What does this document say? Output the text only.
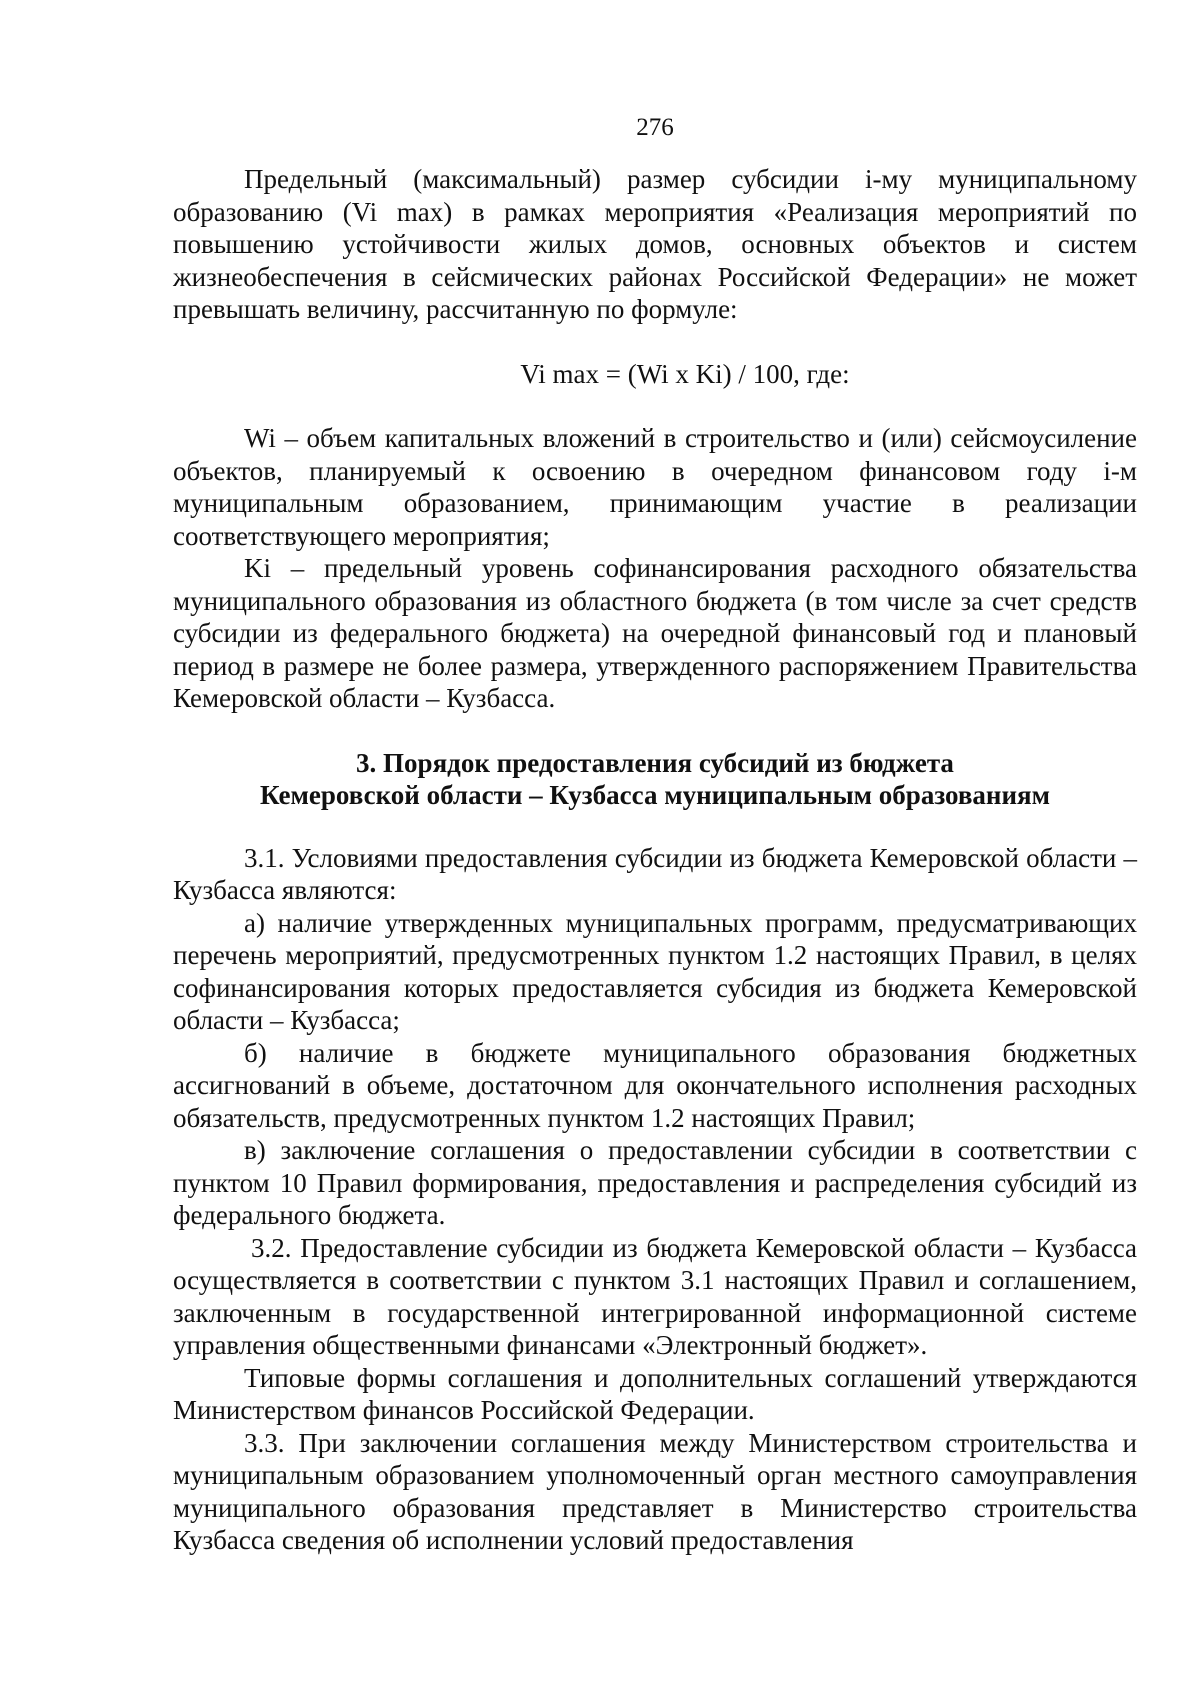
276

Предельный (максимальный) размер субсидии i-му муниципальному образованию (Vi max) в рамках мероприятия «Реализация мероприятий по повышению устойчивости жилых домов, основных объектов и систем жизнеобеспечения в сейсмических районах Российской Федерации» не может превышать величину, рассчитанную по формуле:

Vi max = (Wi x Ki) / 100, где:

Wi – объем капитальных вложений в строительство и (или) сейсмоусиление объектов, планируемый к освоению в очередном финансовом году i-м муниципальным образованием, принимающим участие в реализации соответствующего мероприятия;

Ki – предельный уровень софинансирования расходного обязательства муниципального образования из областного бюджета (в том числе за счет средств субсидии из федерального бюджета) на очередной финансовый год и плановый период в размере не более размера, утвержденного распоряжением Правительства Кемеровской области – Кузбасса.

3. Порядок предоставления субсидий из бюджета
Кемеровской области – Кузбасса муниципальным образованиям

3.1. Условиями предоставления субсидии из бюджета Кемеровской области – Кузбасса являются:

а) наличие утвержденных муниципальных программ, предусматривающих перечень мероприятий, предусмотренных пунктом 1.2 настоящих Правил, в целях софинансирования которых предоставляется субсидия из бюджета Кемеровской области – Кузбасса;

б) наличие в бюджете муниципального образования бюджетных ассигнований в объеме, достаточном для окончательного исполнения расходных обязательств, предусмотренных пунктом 1.2 настоящих Правил;

в) заключение соглашения о предоставлении субсидии в соответствии с пунктом 10 Правил формирования, предоставления и распределения субсидий из федерального бюджета.

3.2. Предоставление субсидии из бюджета Кемеровской области – Кузбасса осуществляется в соответствии с пунктом 3.1 настоящих Правил и соглашением, заключенным в государственной интегрированной информационной системе управления общественными финансами «Электронный бюджет».

Типовые формы соглашения и дополнительных соглашений утверждаются Министерством финансов Российской Федерации.

3.3. При заключении соглашения между Министерством строительства и муниципальным образованием уполномоченный орган местного самоуправления муниципального образования представляет в Министерство строительства Кузбасса сведения об исполнении условий предоставления
